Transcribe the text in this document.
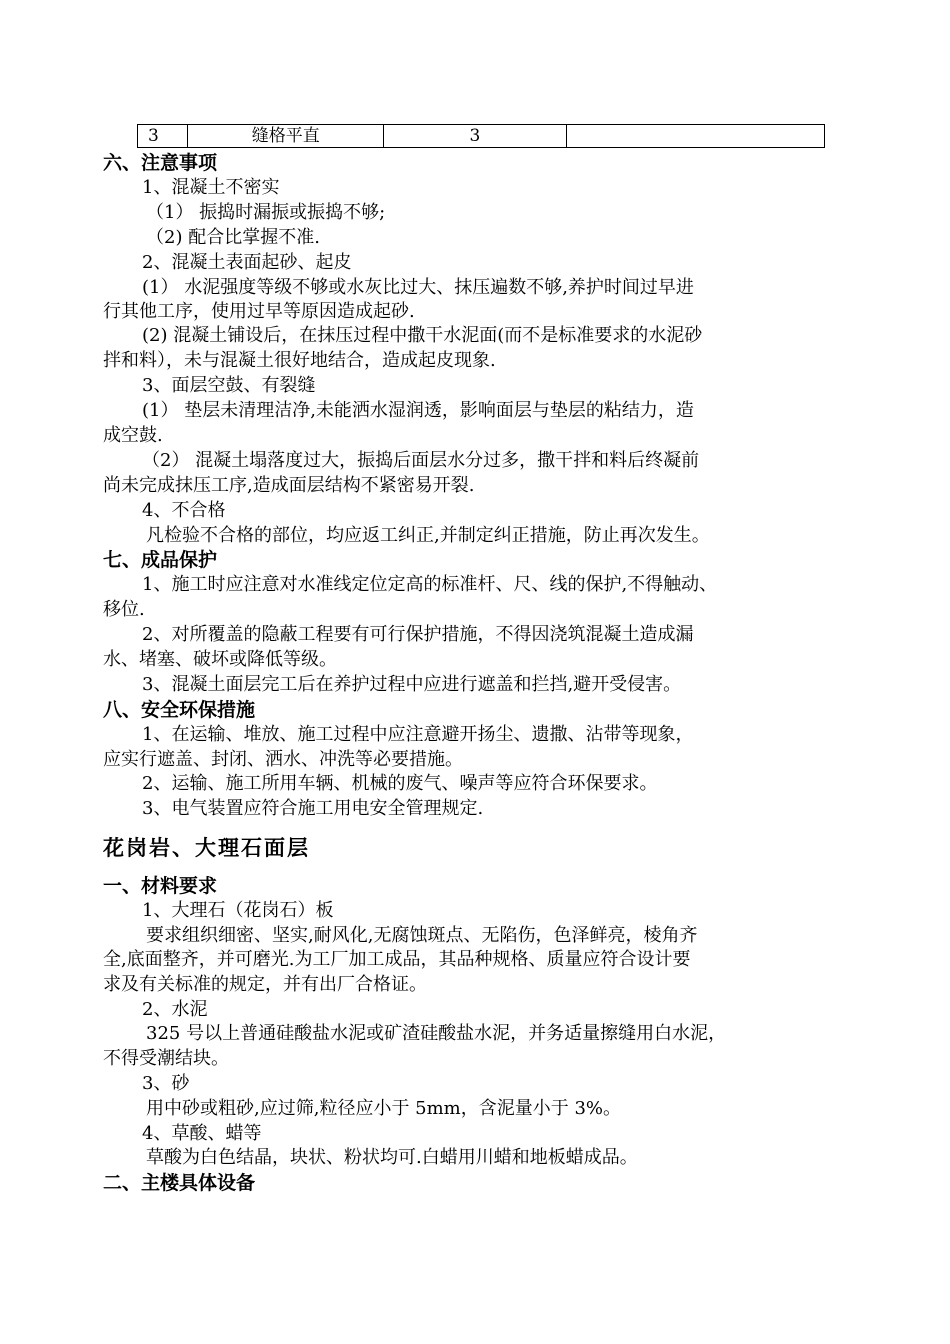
3	缝格平直	3	
六、注意事项
1、混凝土不密实
（1） 振捣时漏振或振捣不够;
（2) 配合比掌握不准.
2、混凝土表面起砂、起皮
(1） 水泥强度等级不够或水灰比过大、抹压遍数不够,养护时间过早进
行其他工序，使用过早等原因造成起砂.
(2) 混凝土铺设后，在抹压过程中撒干水泥面(而不是标准要求的水泥砂
拌和料），未与混凝土很好地结合，造成起皮现象.
3、面层空鼓、有裂缝
(1） 垫层未清理洁净,未能洒水湿润透，影响面层与垫层的粘结力，造
成空鼓.
（2） 混凝土塌落度过大，振捣后面层水分过多，撒干拌和料后终凝前
尚未完成抹压工序,造成面层结构不紧密易开裂.
4、不合格
凡检验不合格的部位，均应返工纠正,并制定纠正措施，防止再次发生。
七、成品保护
1、施工时应注意对水准线定位定高的标准杆、尺、线的保护,不得触动、
移位.
2、对所覆盖的隐蔽工程要有可行保护措施，不得因浇筑混凝土造成漏
水、堵塞、破坏或降低等级。
3、混凝土面层完工后在养护过程中应进行遮盖和拦挡,避开受侵害。
八、安全环保措施
1、在运输、堆放、施工过程中应注意避开扬尘、遗撒、沾带等现象，
应实行遮盖、封闭、洒水、冲洗等必要措施。
2、运输、施工所用车辆、机械的废气、噪声等应符合环保要求。
3、电气装置应符合施工用电安全管理规定.
花岗岩、大理石面层
一、材料要求
1、大理石（花岗石）板
要求组织细密、坚实,耐风化,无腐蚀斑点、无陷伤，色泽鲜亮，棱角齐
全,底面整齐，并可磨光.为工厂加工成品，其品种规格、质量应符合设计要
求及有关标准的规定，并有出厂合格证。
2、水泥
325 号以上普通硅酸盐水泥或矿渣硅酸盐水泥，并务适量擦缝用白水泥，
不得受潮结块。
3、砂
用中砂或粗砂,应过筛,粒径应小于 5mm，含泥量小于 3%。
4、草酸、蜡等
草酸为白色结晶，块状、粉状均可.白蜡用川蜡和地板蜡成品。
二、主楼具体设备
